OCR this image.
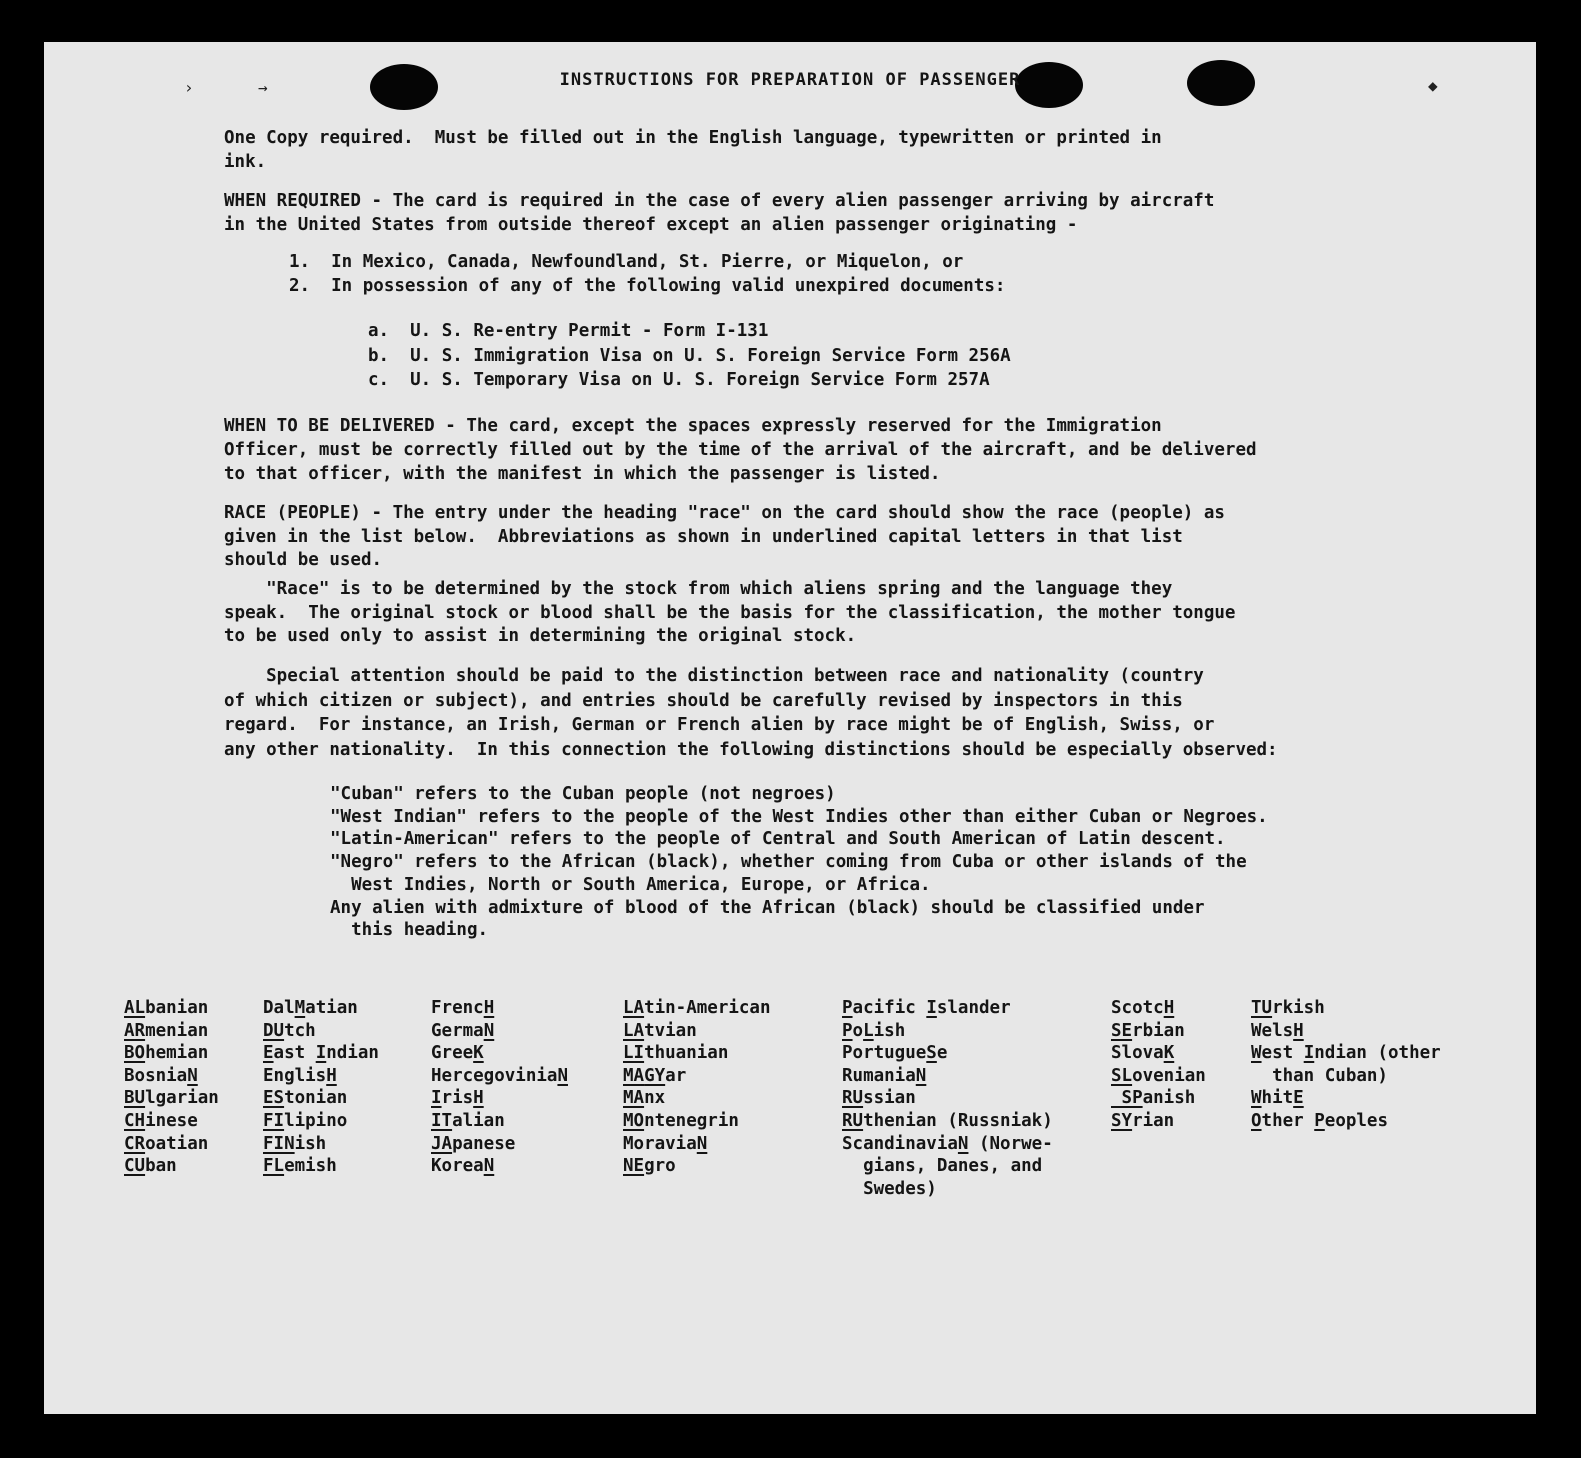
›	→	◆
INSTRUCTIONS FOR PREPARATION OF PASSENGER
One Copy required.  Must be filled out in the English language, typewritten or printed in
ink.
WHEN REQUIRED - The card is required in the case of every alien passenger arriving by aircraft
in the United States from outside thereof except an alien passenger originating -
1.  In Mexico, Canada, Newfoundland, St. Pierre, or Miquelon, or
2.  In possession of any of the following valid unexpired documents:
a.  U. S. Re-entry Permit - Form I-131
b.  U. S. Immigration Visa on U. S. Foreign Service Form 256A
c.  U. S. Temporary Visa on U. S. Foreign Service Form 257A
WHEN TO BE DELIVERED - The card, except the spaces expressly reserved for the Immigration
Officer, must be correctly filled out by the time of the arrival of the aircraft, and be delivered
to that officer, with the manifest in which the passenger is listed.
RACE (PEOPLE) - The entry under the heading "race" on the card should show the race (people) as
given in the list below.  Abbreviations as shown in underlined capital letters in that list
should be used.
"Race" is to be determined by the stock from which aliens spring and the language they
speak.  The original stock or blood shall be the basis for the classification, the mother tongue
to be used only to assist in determining the original stock.
Special attention should be paid to the distinction between race and nationality (country
of which citizen or subject), and entries should be carefully revised by inspectors in this
regard.  For instance, an Irish, German or French alien by race might be of English, Swiss, or
any other nationality.  In this connection the following distinctions should be especially observed:
"Cuban" refers to the Cuban people (not negroes)
"West Indian" refers to the people of the West Indies other than either Cuban or Negroes.
"Latin-American" refers to the people of Central and South American of Latin descent.
"Negro" refers to the African (black), whether coming from Cuba or other islands of the
West Indies, North or South America, Europe, or Africa.
Any alien with admixture of blood of the African (black) should be classified under
this heading.
ALbanian
ARmenian
BOhemian
BosniaN
BUlgarian
CHinese
CRoatian
CUban
DalMatian
DUtch
East Indian
EnglisH
EStonian
FIlipino
FINish
FLemish
FrencH
GermaN
GreeK
HercegoviniaN
IrisH
ITalian
JApanese
KoreaN
LAtin-American
LAtvian
LIthuanian
MAGYar
MAnx
MOntenegrin
MoraviaN
NEgro
Pacific Islander
PoLish
PortugueSe
RumaniaN
RUssian
RUthenian (Russniak)
ScandinaviaN (Norwe-
gians, Danes, and
Swedes)
ScotcH
SErbian
SlovaK
SLovenian
SPanish
SYrian
TUrkish
WelsH
West Indian (other
than Cuban)
WhitE
Other Peoples
